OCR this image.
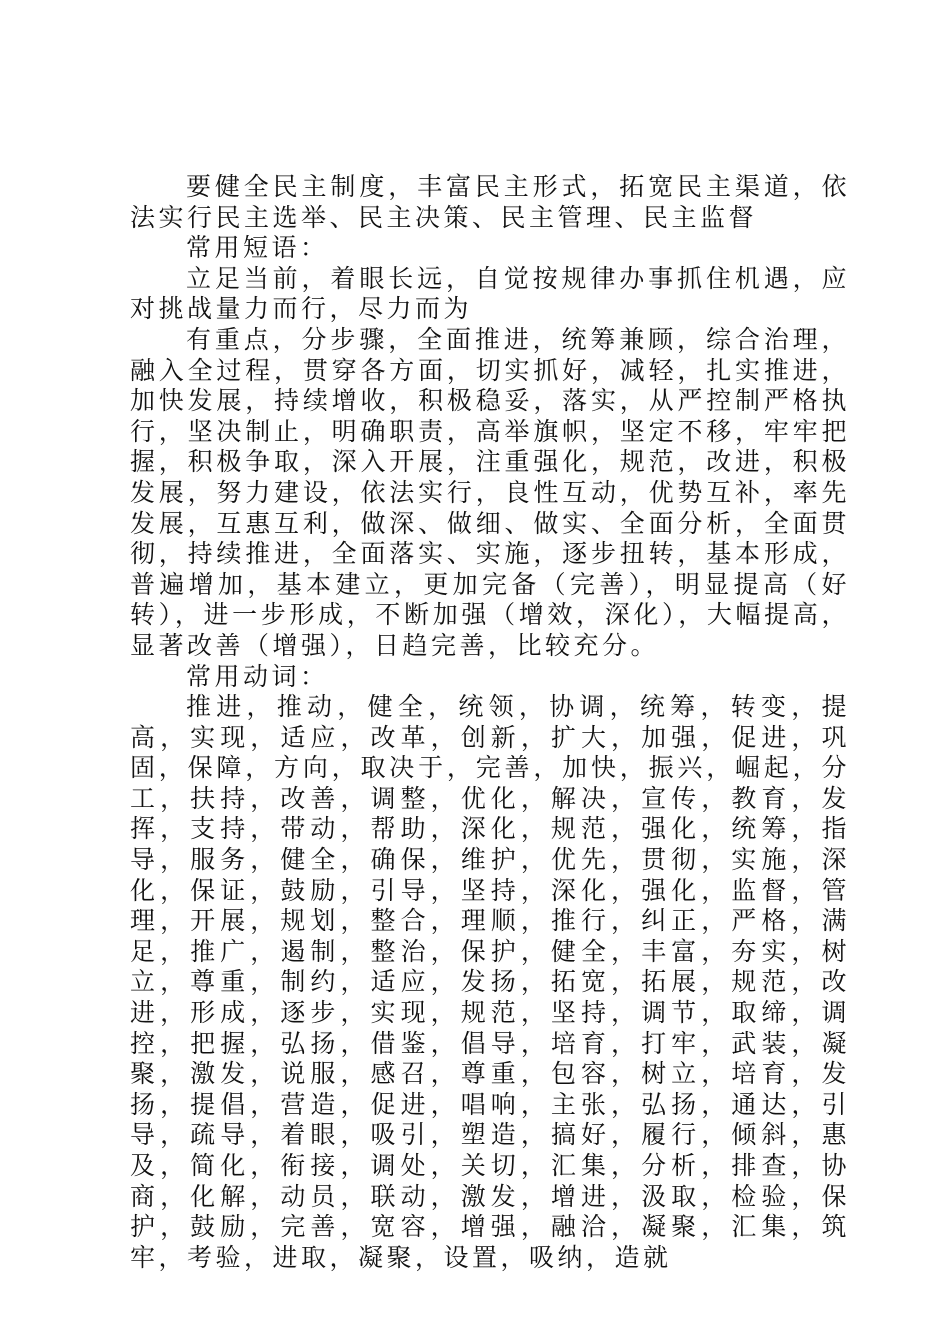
要健全民主制度，丰富民主形式，拓宽民主渠道，依法实行民主选举、民主决策、民主管理、民主监督

常用短语：

立足当前，着眼长远，自觉按规律办事抓住机遇，应对挑战量力而行，尽力而为

有重点，分步骤，全面推进，统筹兼顾，综合治理，融入全过程，贯穿各方面，切实抓好，减轻，扎实推进，加快发展，持续增收，积极稳妥，落实，从严控制严格执行，坚决制止，明确职责，高举旗帜，坚定不移，牢牢把握，积极争取，深入开展，注重强化，规范，改进，积极发展，努力建设，依法实行，良性互动，优势互补，率先发展，互惠互利，做深、做细、做实、全面分析，全面贯彻，持续推进，全面落实、实施，逐步扭转，基本形成，普遍增加，基本建立，更加完备（完善），明显提高（好转），进一步形成，不断加强（增效，深化），大幅提高，显著改善（增强），日趋完善，比较充分。

常用动词：

推进，推动，健全，统领，协调，统筹，转变，提高，实现，适应，改革，创新，扩大，加强，促进，巩固，保障，方向，取决于，完善，加快，振兴，崛起，分工，扶持，改善，调整，优化，解决，宣传，教育，发挥，支持，带动，帮助，深化，规范，强化，统筹，指导，服务，健全，确保，维护，优先，贯彻，实施，深化，保证，鼓励，引导，坚持，深化，强化，监督，管理，开展，规划，整合，理顺，推行，纠正，严格，满足，推广，遏制，整治，保护，健全，丰富，夯实，树立，尊重，制约，适应，发扬，拓宽，拓展，规范，改进，形成，逐步，实现，规范，坚持，调节，取缔，调控，把握，弘扬，借鉴，倡导，培育，打牢，武装，凝聚，激发，说服，感召，尊重，包容，树立，培育，发扬，提倡，营造，促进，唱响，主张，弘扬，通达，引导，疏导，着眼，吸引，塑造，搞好，履行，倾斜，惠及，简化，衔接，调处，关切，汇集，分析，排查，协商，化解，动员，联动，激发，增进，汲取，检验，保护，鼓励，完善，宽容，增强，融洽，凝聚，汇集，筑牢，考验，进取，凝聚，设置，吸纳，造就
